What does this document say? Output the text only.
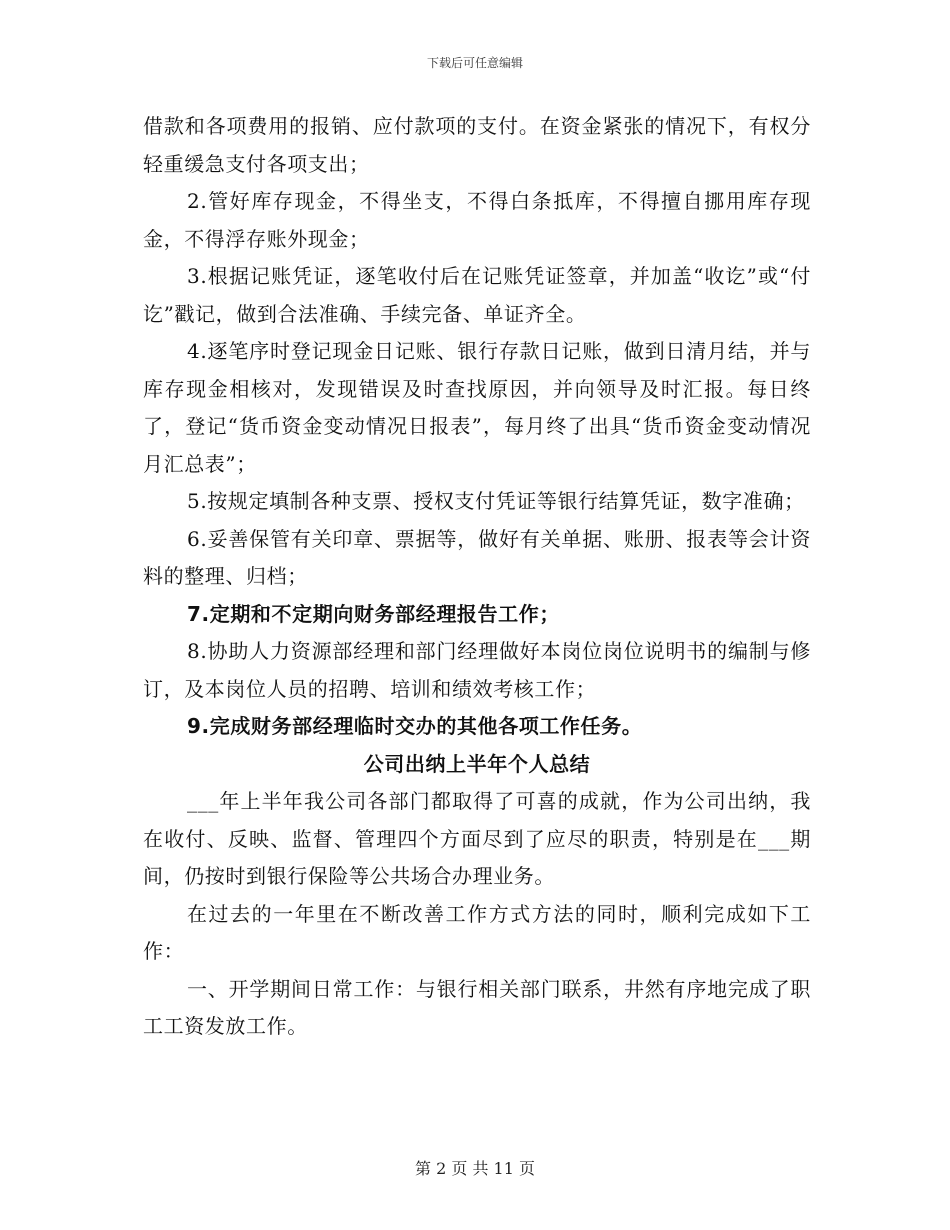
下载后可任意编辑

借款和各项费用的报销、应付款项的支付。在资金紧张的情况下，有权分轻重缓急支付各项支出；

2.管好库存现金，不得坐支，不得白条抵库，不得擅自挪用库存现金，不得浮存账外现金；

3.根据记账凭证，逐笔收付后在记账凭证签章，并加盖“收讫”或“付讫”戳记，做到合法准确、手续完备、单证齐全。

4.逐笔序时登记现金日记账、银行存款日记账，做到日清月结，并与库存现金相核对，发现错误及时查找原因，并向领导及时汇报。每日终了，登记“货币资金变动情况日报表”，每月终了出具“货币资金变动情况月汇总表”；

5.按规定填制各种支票、授权支付凭证等银行结算凭证，数字准确；

6.妥善保管有关印章、票据等，做好有关单据、账册、报表等会计资料的整理、归档；

7.定期和不定期向财务部经理报告工作；

8.协助人力资源部经理和部门经理做好本岗位岗位说明书的编制与修订，及本岗位人员的招聘、培训和绩效考核工作；

9.完成财务部经理临时交办的其他各项工作任务。

公司出纳上半年个人总结

___年上半年我公司各部门都取得了可喜的成就，作为公司出纳，我在收付、反映、监督、管理四个方面尽到了应尽的职责，特别是在___期间，仍按时到银行保险等公共场合办理业务。

在过去的一年里在不断改善工作方式方法的同时，顺利完成如下工作：

一、开学期间日常工作：与银行相关部门联系，井然有序地完成了职工工资发放工作。

第 2 页 共 11 页
